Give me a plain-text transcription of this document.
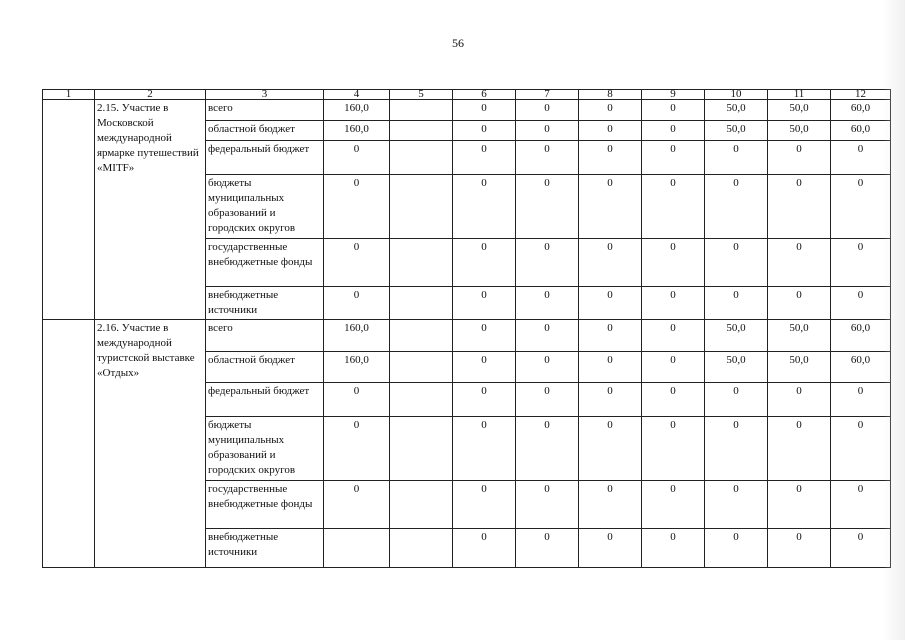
56
1	2	3	4	5	6	7	8	9	10	11	12
	2.15. Участие в Московской международной ярмарке путешествий «MITF»	всего	160,0		0	0	0	0	50,0	50,0	60,0
		областной бюджет	160,0		0	0	0	0	50,0	50,0	60,0
		федеральный бюджет	0		0	0	0	0	0	0	0
		бюджеты муниципальных образований и городских округов	0		0	0	0	0	0	0	0
		государственные внебюджетные фонды	0		0	0	0	0	0	0	0
		внебюджетные источники	0		0	0	0	0	0	0	0
	2.16. Участие в международной туристской выставке «Отдых»	всего	160,0		0	0	0	0	50,0	50,0	60,0
		областной бюджет	160,0		0	0	0	0	50,0	50,0	60,0
		федеральный бюджет	0		0	0	0	0	0	0	0
		бюджеты муниципальных образований и городских округов	0		0	0	0	0	0	0	0
		государственные внебюджетные фонды	0		0	0	0	0	0	0	0
		внебюджетные источники			0	0	0	0	0	0	0
